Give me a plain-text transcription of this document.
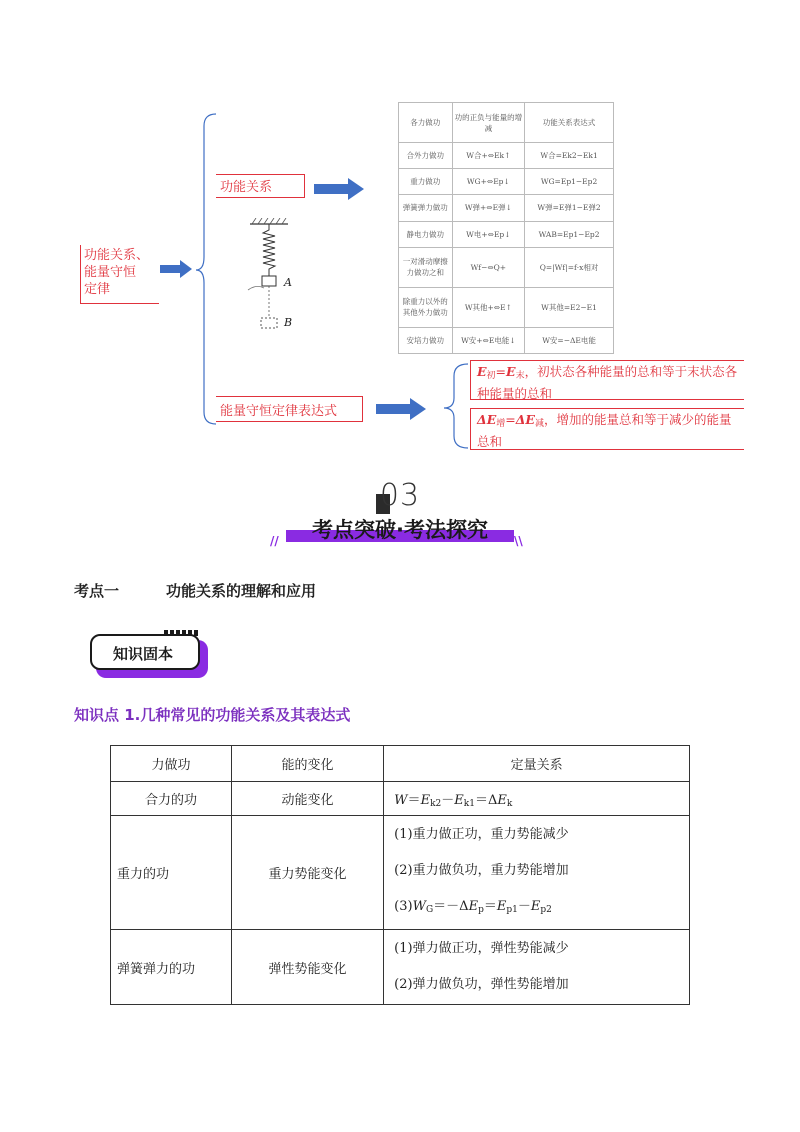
功能关系、
能量守恒
定律
功能关系
A
B
各力做功	功的正负与能量的增减	功能关系表达式
合外力做功	W合+⇔Ek↑	W合=Ek2−Ek1
重力做功	WG+⇔Ep↓	WG=Ep1−Ep2
弹簧弹力做功	W弹+⇔E弹↓	W弹=E弹1−E弹2
静电力做功	W电+⇔Ep↓	WAB=Ep1−Ep2
一对滑动摩擦力做功之和	Wf−⇔Q+	Q=|Wf|=f·x相对
除重力以外的其他外力做功	W其他+⇔E↑	W其他=E2−E1
安培力做功	W安+⇔E电能↓	W安=−ΔE电能
能量守恒定律表达式
$E_初=E_末$，初状态各种能量的总和等于末状态各种能量的总和
$\Delta E_增=\Delta E_减$，增加的能量总和等于减少的能量总和
03
考点突破·考法探究
//	\\
考点一	功能关系的理解和应用
知识固本
知识点 1.几种常见的功能关系及其表达式
力做功	能的变化	定量关系
合力的功	动能变化	$W=E_{k2}-E_{k1}=\Delta E_k$
重力的功	重力势能变化	(1)重力做正功，重力势能减少
(2)重力做负功，重力势能增加
$(3)W_G=-\Delta E_p=E_{p1}-E_{p2}$

弹簧弹力的功	弹性势能变化	(1)弹力做正功，弹性势能减少
(2)弹力做负功，弹性势能增加
